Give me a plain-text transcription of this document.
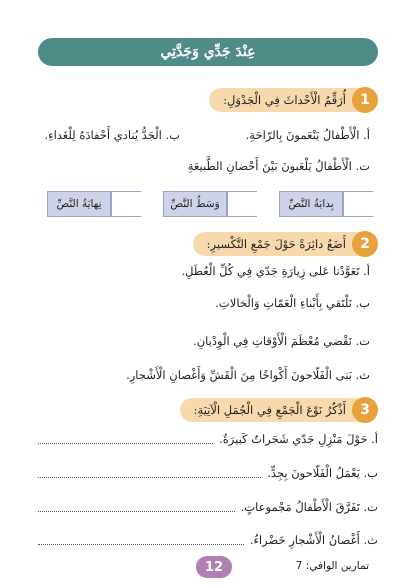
عِنْدَ جَدِّي وَجَدَّتِي
1
أُرَقِّمُ الْأَحْداثَ فِي الْجَدْوَلِ:
أ. الْأَطْفالُ يَنْعَمونَ بِالرّاحَةِ.
ب. الْجَدُّ يُنادي أَحْفادَهُ لِلْغَداءِ.
ت. الْأَطْفالُ يَلْعَبونَ بَيْنَ أَحْضانِ الطَّبيعَةِ
بِدايَةُ النَّصِّ
وَسَطُ النَّصِّ
نِهايَةُ النَّصِّ
2
أَضَعُ دائِرَةً حَوْلَ جَمْعِ التَّكْسيرِ:
أ. تَعَوَّدْنا عَلى زِيارَةِ جَدّي فِي كُلِّ الْعُطَلِ.
ب. نَلْتَقي بِأَبْناءِ الْعَمّاتِ وَالْخالاتِ.
ت. نَقْضي مُعْظَمَ الْأَوْقاتِ فِي الْوِدْيانِ.
ث. بَنى الْفَلّاحونَ أَكْواخًا مِنَ الْقَشِّ وَأَغْصانِ الْأَشْجارِ.
3
أَذْكُرُ نَوْعَ الْجَمْعِ فِي الْجُمَلِ الْآتِيَةِ:
أ. حَوْلَ مَنْزِلِ جَدّي شَجَراتٌ كَبيرَةٌ.
ب. يَعْمَلُ الْفَلّاحونَ بِجِدٍّ.
ت. تَفَرَّقَ الْأَطْفالُ مَجْموعاتٍ.
ث. أَغْصانُ الْأَشْجارِ خَضْراءُ.
12	تمارين الوافي: 7
